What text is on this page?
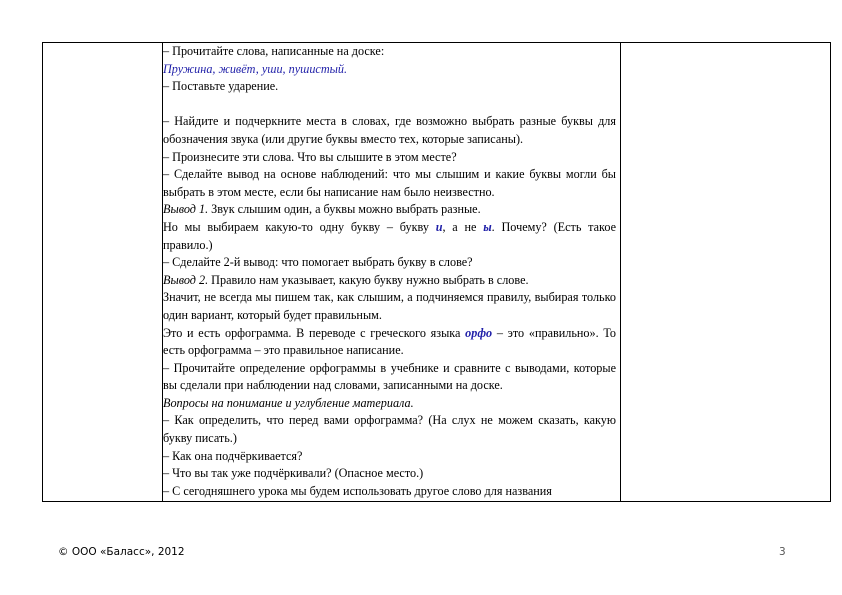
– Прочитайте слова, написанные на доске:

Пружина, живёт, уши, пушистый.

– Поставьте ударение.

– Найдите и подчеркните места в словах, где возможно выбрать разные буквы для обозначения звука (или другие буквы вместо тех, которые записаны).

– Произнесите эти слова. Что вы слышите в этом месте?

– Сделайте вывод на основе наблюдений: что мы слышим и какие буквы могли бы выбрать в этом месте, если бы написание нам было неизвестно.

Вывод 1. Звук слышим один, а буквы можно выбрать разные.

Но мы выбираем какую-то одну букву – букву и, а не ы. Почему? (Есть такое правило.)

– Сделайте 2-й вывод: что помогает выбрать букву в слове?

Вывод 2. Правило нам указывает, какую букву нужно выбрать в слове.

Значит, не всегда мы пишем так, как слышим, а подчиняемся правилу, выбирая только один вариант, который будет правильным.

Это и есть орфограмма. В переводе с греческого языка орфо – это «правильно». То есть орфограмма – это правильное написание.

– Прочитайте определение орфограммы в учебнике и сравните с выводами, которые вы сделали при наблюдении над словами, записанными на доске.

Вопросы на понимание и углубление материала.

– Как определить, что перед вами орфограмма? (На слух не можем сказать, какую букву писать.)

– Как она подчёркивается?

– Что вы так уже подчёркивали? (Опасное место.)

– С сегодняшнего урока мы будем использовать другое слово для названия

© ООО «Баласс», 2012	3
